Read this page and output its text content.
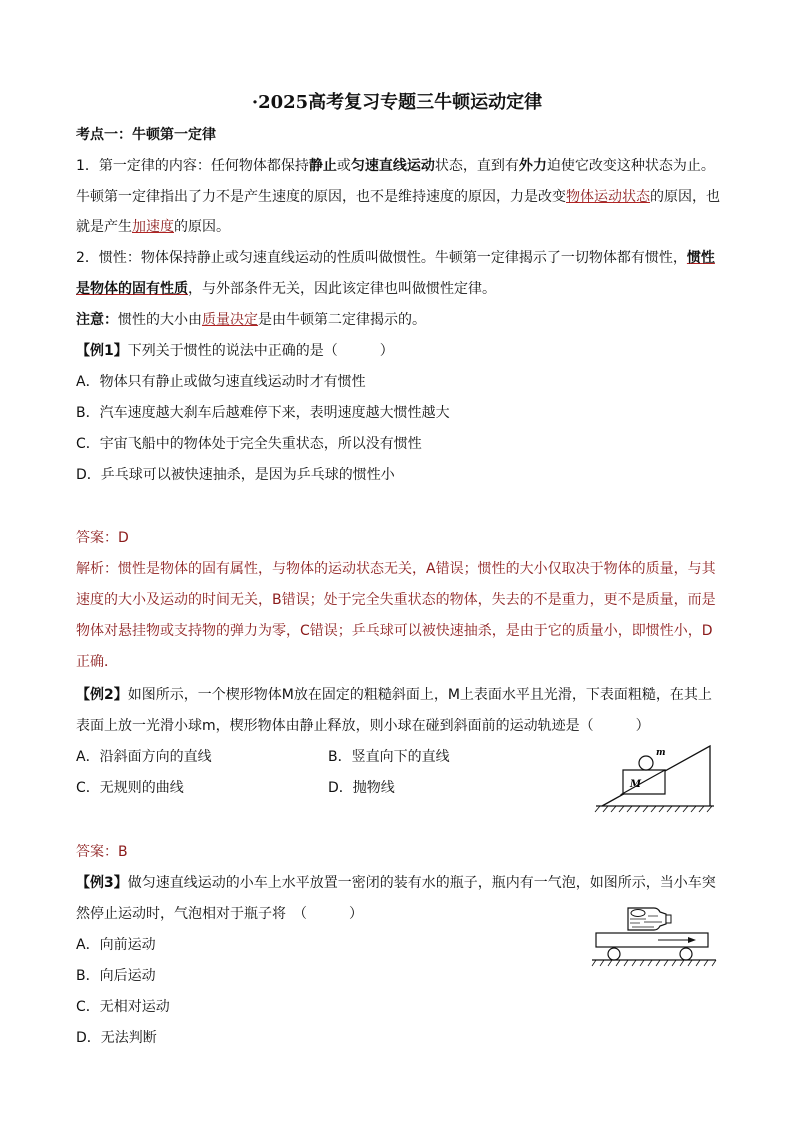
·2025高考复习专题三牛顿运动定律
考点一：牛顿第一定律
1．第一定律的内容：任何物体都保持静止或匀速直线运动状态，直到有外力迫使它改变这种状态为止。
牛顿第一定律指出了力不是产生速度的原因，也不是维持速度的原因，力是改变物体运动状态的原因，也
就是产生加速度的原因。
2．惯性：物体保持静止或匀速直线运动的性质叫做惯性。牛顿第一定律揭示了一切物体都有惯性，惯性
是物体的固有性质，与外部条件无关，因此该定律也叫做惯性定律。
注意：惯性的大小由质量决定是由牛顿第二定律揭示的。
【例1】下列关于惯性的说法中正确的是（　　　）
A．物体只有静止或做匀速直线运动时才有惯性
B．汽车速度越大刹车后越难停下来，表明速度越大惯性越大
C．宇宙飞船中的物体处于完全失重状态，所以没有惯性
D．乒乓球可以被快速抽杀，是因为乒乓球的惯性小
答案：D
解析：惯性是物体的固有属性，与物体的运动状态无关，A错误；惯性的大小仅取决于物体的质量，与其
速度的大小及运动的时间无关，B错误；处于完全失重状态的物体，失去的不是重力，更不是质量，而是
物体对悬挂物或支持物的弹力为零，C错误；乒乓球可以被快速抽杀，是由于它的质量小，即惯性小，D
正确．
【例2】如图所示，一个楔形物体M放在固定的粗糙斜面上，M上表面水平且光滑，下表面粗糙，在其上
表面上放一光滑小球m，楔形物体由静止释放，则小球在碰到斜面前的运动轨迹是（　　　）
A．沿斜面方向的直线	B．竖直向下的直线
C．无规则的曲线	D．抛物线	M
m
答案：B
【例3】做匀速直线运动的小车上水平放置一密闭的装有水的瓶子，瓶内有一气泡，如图所示，当小车突
然停止运动时，气泡相对于瓶子将　（　　　）
A．向前运动
B．向后运动
C．无相对运动
D．无法判断
